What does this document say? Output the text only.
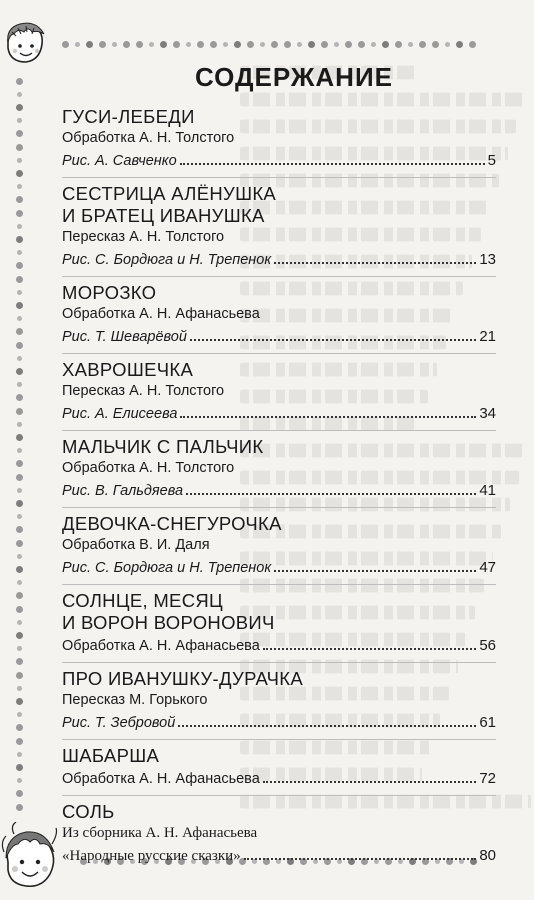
СОДЕРЖАНИЕ
ГУСИ-ЛЕБЕДИ
Обработка А. Н. Толстого
Рис. А. Савченко	5
СЕСТРИЦА АЛЁНУШКА
И БРАТЕЦ ИВАНУШКА
Пересказ А. Н. Толстого
Рис. С. Бордюга и Н. Трепенок	13
МОРОЗКО
Обработка А. Н. Афанасьева
Рис. Т. Шеварёвой	21
ХАВРОШЕЧКА
Пересказ А. Н. Толстого
Рис. А. Елисеева	34
МАЛЬЧИК С ПАЛЬЧИК
Обработка А. Н. Толстого
Рис. В. Гальдяева	41
ДЕВОЧКА-СНЕГУРОЧКА
Обработка В. И. Даля
Рис. С. Бордюга и Н. Трепенок	47
СОЛНЦЕ, МЕСЯЦ
И ВОРОН ВОРОНОВИЧ
Обработка А. Н. Афанасьева	56
ПРО ИВАНУШКУ-ДУРАЧКА
Пересказ М. Горького
Рис. Т. Зебровой	61
ШАБАРША
Обработка А. Н. Афанасьева	72
СОЛЬ
Из сборника А. Н. Афанасьева
«Народные русские сказки»	80
